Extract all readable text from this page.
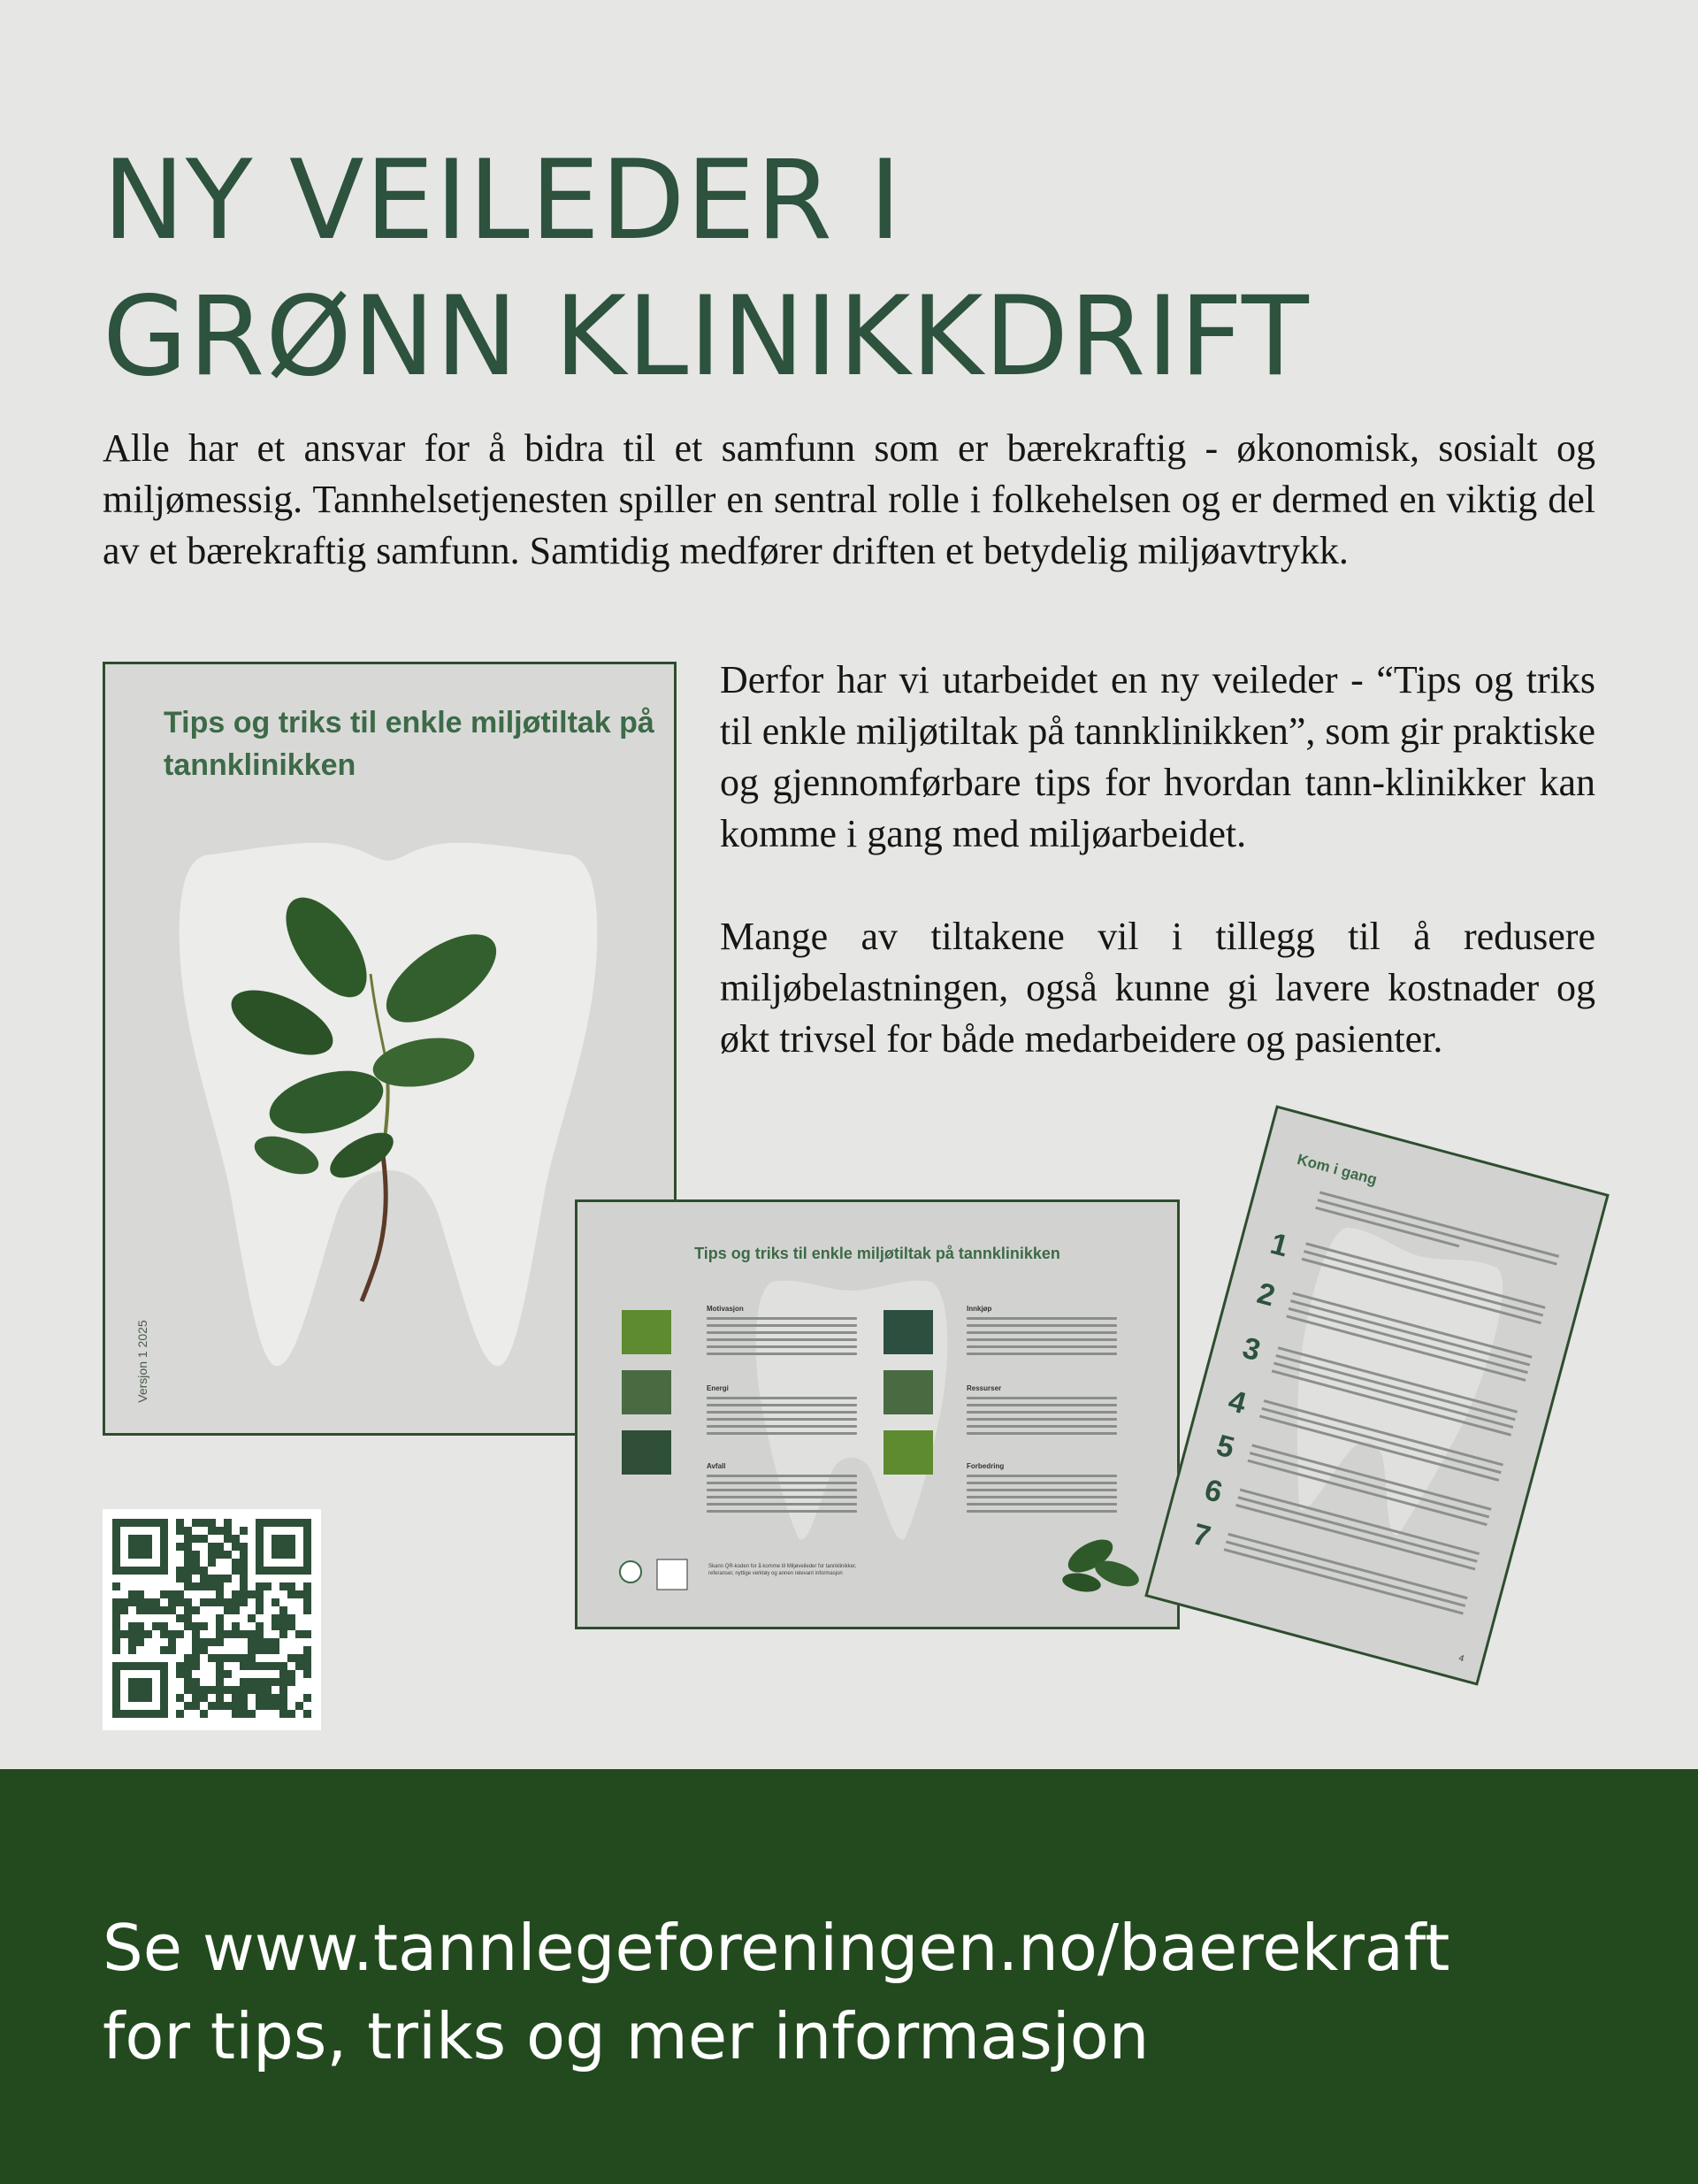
NY VEILEDER I
GRØNN KLINIKKDRIFT

Alle har et ansvar for å bidra til et samfunn som er bærekraftig - økonomisk, sosialt og miljømessig. Tannhelsetjenesten spiller en sentral rolle i folkehelsen og er dermed en viktig del av et bærekraftig samfunn. Samtidig medfører driften et betydelig miljøavtrykk.

Derfor har vi utarbeidet en ny veileder - “Tips og triks til enkle miljøtiltak på tannklinikken”, som gir praktiske og gjennomførbare tips for hvordan tann-klinikker kan komme i gang med miljøarbeidet.

Mange av tiltakene vil i tillegg til å redusere miljøbelastningen, også kunne gi lavere kostnader og økt trivsel for både medarbeidere og pasienter.

Tips og triks til enkle miljøtiltak på tannklinikken
Versjon 1 2025
Tips og triks til enkle miljøtiltak på tannklinikken
Motivasjon
Energi
Avfall
Innkjøp
Ressurser
Forbedring
Skann QR-koden for å komme til Miljøveileder for tannklinikker, referanser, nyttige verktøy og annen relevant informasjon
Kom i gang
1
2
3
4
5
6
7
4
Se www.tannlegeforeningen.no/baerekraft
for tips, triks og mer informasjon
